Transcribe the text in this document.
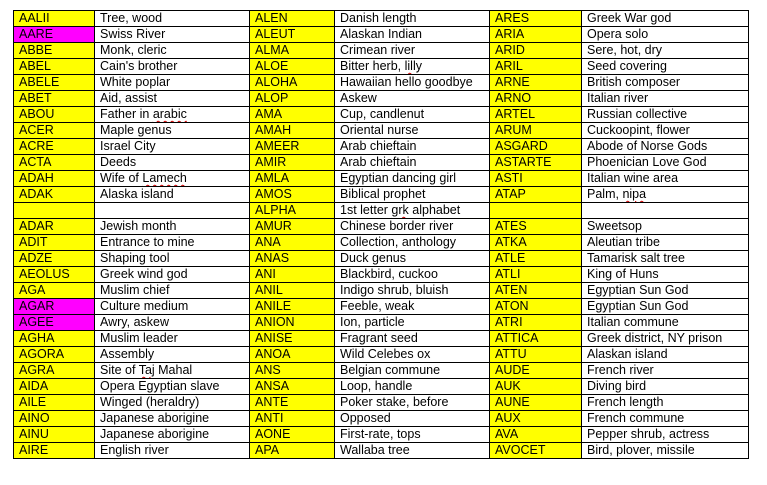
AALII	Tree, wood	ALEN	Danish length	ARES	Greek War god
AARE	Swiss River	ALEUT	Alaskan Indian	ARIA	Opera solo
ABBE	Monk, cleric	ALMA	Crimean river	ARID	Sere, hot, dry
ABEL	Cain's brother	ALOE	Bitter herb, lilly	ARIL	Seed covering
ABELE	White poplar	ALOHA	Hawaiian hello goodbye	ARNE	British composer
ABET	Aid, assist	ALOP	Askew	ARNO	Italian river
ABOU	Father in arabic	AMA	Cup, candlenut	ARTEL	Russian collective
ACER	Maple genus	AMAH	Oriental nurse	ARUM	Cuckoopint, flower
ACRE	Israel City	AMEER	Arab chieftain	ASGARD	Abode of Norse Gods
ACTA	Deeds	AMIR	Arab chieftain	ASTARTE	Phoenician Love God
ADAH	Wife of Lamech	AMLA	Egyptian dancing girl	ASTI	Italian wine area
ADAK	Alaska island	AMOS	Biblical prophet	ATAP	Palm, nipa
		ALPHA	1st letter grk alphabet		
ADAR	Jewish month	AMUR	Chinese border river	ATES	Sweetsop
ADIT	Entrance to mine	ANA	Collection, anthology	ATKA	Aleutian tribe
ADZE	Shaping tool	ANAS	Duck genus	ATLE	Tamarisk salt tree
AEOLUS	Greek wind god	ANI	Blackbird, cuckoo	ATLI	King of Huns
AGA	Muslim chief	ANIL	Indigo shrub, bluish	ATEN	Egyptian Sun God
AGAR	Culture medium	ANILE	Feeble, weak	ATON	Egyptian Sun God
AGEE	Awry, askew	ANION	Ion, particle	ATRI	Italian commune
AGHA	Muslim leader	ANISE	Fragrant seed	ATTICA	Greek district, NY prison
AGORA	Assembly	ANOA	Wild Celebes ox	ATTU	Alaskan island
AGRA	Site of Taj Mahal	ANS	Belgian commune	AUDE	French river
AIDA	Opera Egyptian slave	ANSA	Loop, handle	AUK	Diving bird
AILE	Winged (heraldry)	ANTE	Poker stake, before	AUNE	French length
AINO	Japanese aborigine	ANTI	Opposed	AUX	French commune
AINU	Japanese aborigine	AONE	First-rate, tops	AVA	Pepper shrub, actress
AIRE	English river	APA	Wallaba tree	AVOCET	Bird, plover, missile
